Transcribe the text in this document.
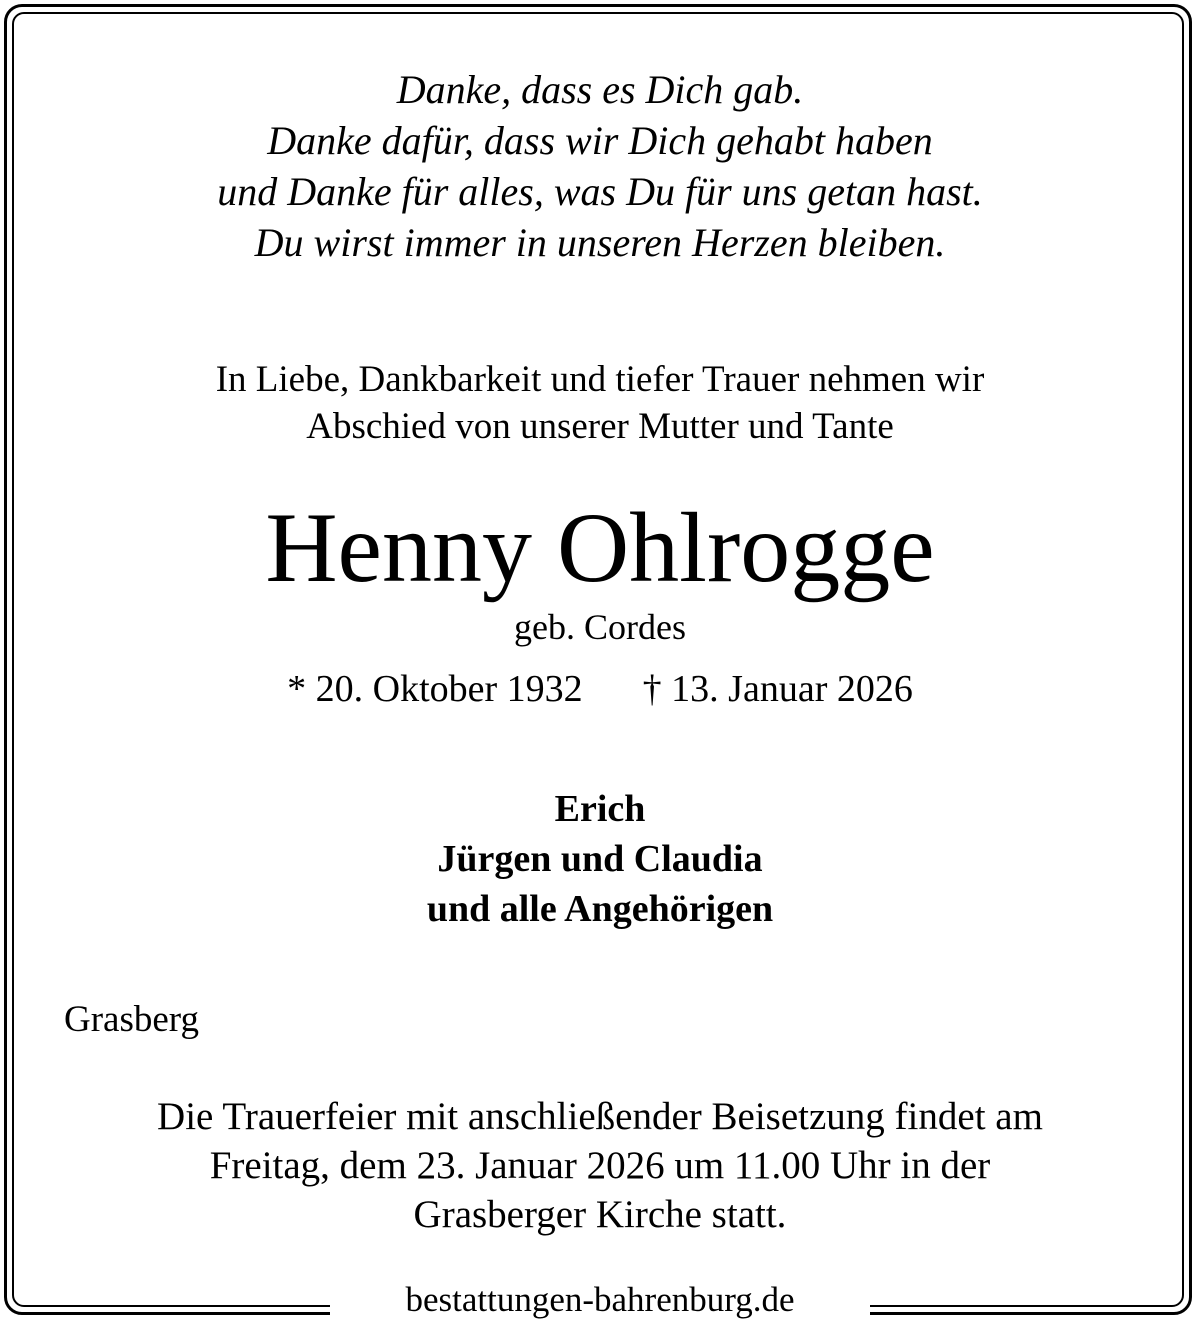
Danke, dass es Dich gab.
Danke dafür, dass wir Dich gehabt haben
und Danke für alles, was Du für uns getan hast.
Du wirst immer in unseren Herzen bleiben.
In Liebe, Dankbarkeit und tiefer Trauer nehmen wir
Abschied von unserer Mutter und Tante
Henny Ohlrogge
geb. Cordes
* 20. Oktober 1932 † 13. Januar 2026
Erich
Jürgen und Claudia
und alle Angehörigen
Grasberg
Die Trauerfeier mit anschließender Beisetzung findet am
Freitag, dem 23. Januar 2026 um 11.00 Uhr in der
Grasberger Kirche statt.
bestattungen-bahrenburg.de
